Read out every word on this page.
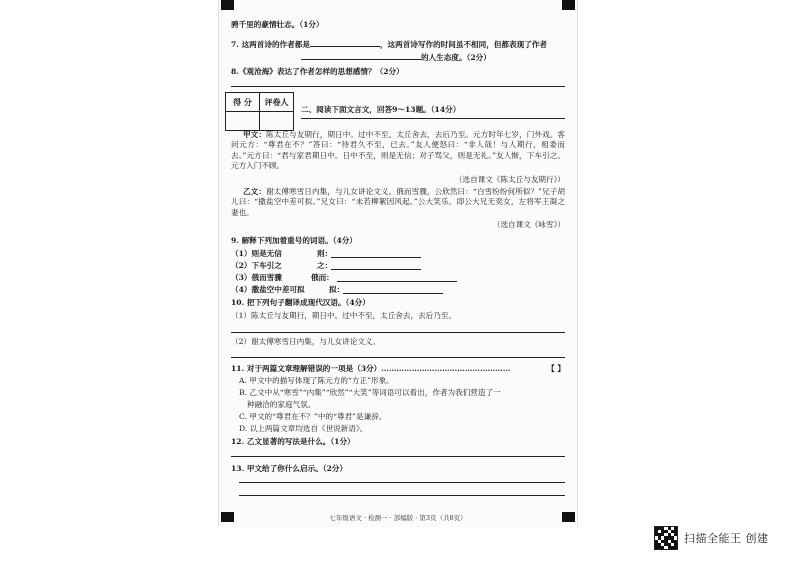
骋千里的豪情壮志。（1分）
7. 这两首诗的作者都是	，这两首诗写作的时间虽不相同，但都表现了作者
的人生态度。（2分）
8.《观沧海》表达了作者怎样的思想感情？（2分）
得 分	评卷人

二、阅读下面文言文，回答9～13题。（14分）
甲文：陈太丘与友期行，期日中。过中不至，太丘舍去，去后乃至。元方时年七岁，门外戏。客问元方：“尊君在不？”答曰：“待君久不至，已去。”友人便怒曰：“非人哉！与人期行，相委而去。”元方曰：“君与家君期日中。日中不至，则是无信；对子骂父，则是无礼。”友人惭，下车引之。元方入门不顾。
（选自课文《陈太丘与友期行》）
乙文：谢太傅寒雪日内集，与儿女讲论文义。俄而雪骤，公欣然曰：“白雪纷纷何所似？”兄子胡儿曰：“撒盐空中差可拟。”兄女曰：“未若柳絮因风起。”公大笑乐。即公大兄无奕女，左将军王凝之妻也。
（选自课文《咏雪》）
9. 解释下列加着重号的词语。（4分）
（1）则是无信	则：
（2）下车引之	之：
（3）俄而雪骤	俄而：
（4）撒盐空中差可拟	拟：
10. 把下列句子翻译成现代汉语。（4分）
（1）陈太丘与友期行，期日中。过中不至，太丘舍去，去后乃至。
（2）谢太傅寒雪日内集，与儿女讲论文义。
11. 对于两篇文章理解错误的一项是（3分）……………………………………………	【 】
A. 甲文中的描写体现了陈元方的“方正”形象。
B. 乙文中从“寒雪”“内集”“欣然”“大笑”等词语可以看出，作者为我们营造了一
种融洽的家庭气氛。
C. 甲文的“尊君在不？”中的“尊君”是谦辞。
D. 以上两篇文章均选自《世说新语》。
12. 乙文显著的写法是什么。（1分）
13. 甲文给了你什么启示。（2分）
七年级语文 · 检测一 · 部编版 · 第3页（共8页）
扫描全能王 创建
